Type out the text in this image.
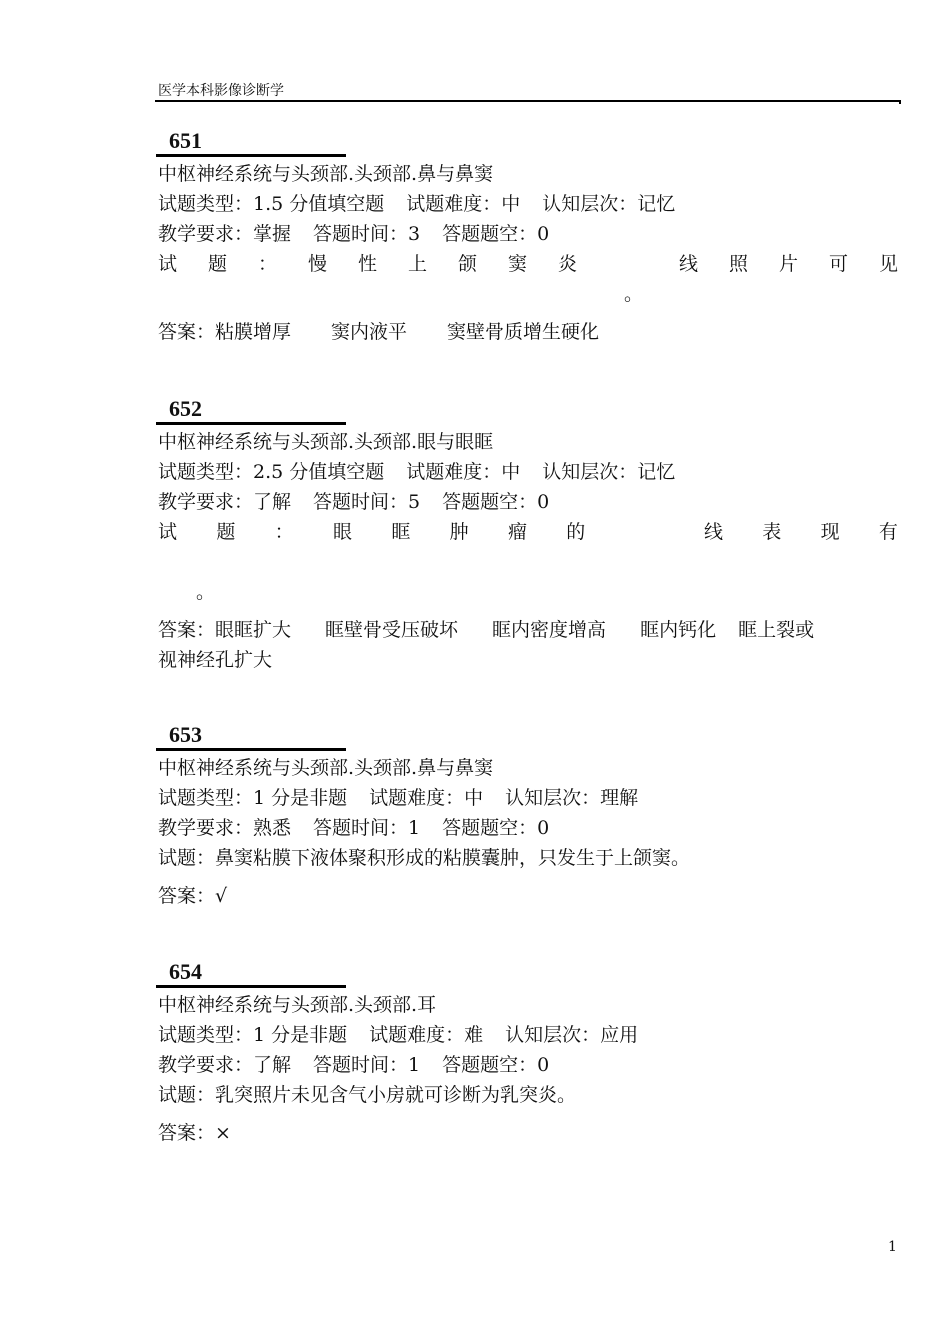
医学本科影像诊断学
651
中枢神经系统与头颈部.头颈部.鼻与鼻窦
试题类型：1.5 分值填空题 试题难度：中 认知层次：记忆
教学要求：掌握 答题时间：3 答题题空：0
试 题 ： 慢 性 上 颌 窦 炎	线 照 片 可 见
。
答案：粘膜增厚 窦内液平 窦壁骨质增生硬化
652
中枢神经系统与头颈部.头颈部.眼与眼眶
试题类型：2.5 分值填空题 试题难度：中 认知层次：记忆
教学要求：了解 答题时间：5 答题题空：0
试 题 ： 眼 眶 肿 瘤 的	线 表 现 有
。
答案：眼眶扩大 眶壁骨受压破坏 眶内密度增高 眶内钙化 眶上裂或
视神经孔扩大
653
中枢神经系统与头颈部.头颈部.鼻与鼻窦
试题类型：1 分是非题 试题难度：中 认知层次：理解
教学要求：熟悉 答题时间：1 答题题空：0
试题：鼻窦粘膜下液体聚积形成的粘膜囊肿，只发生于上颌窦。
答案：√
654
中枢神经系统与头颈部.头颈部.耳
试题类型：1 分是非题 试题难度：难 认知层次：应用
教学要求：了解 答题时间：1 答题题空：0
试题：乳突照片未见含气小房就可诊断为乳突炎。
答案：×
1
